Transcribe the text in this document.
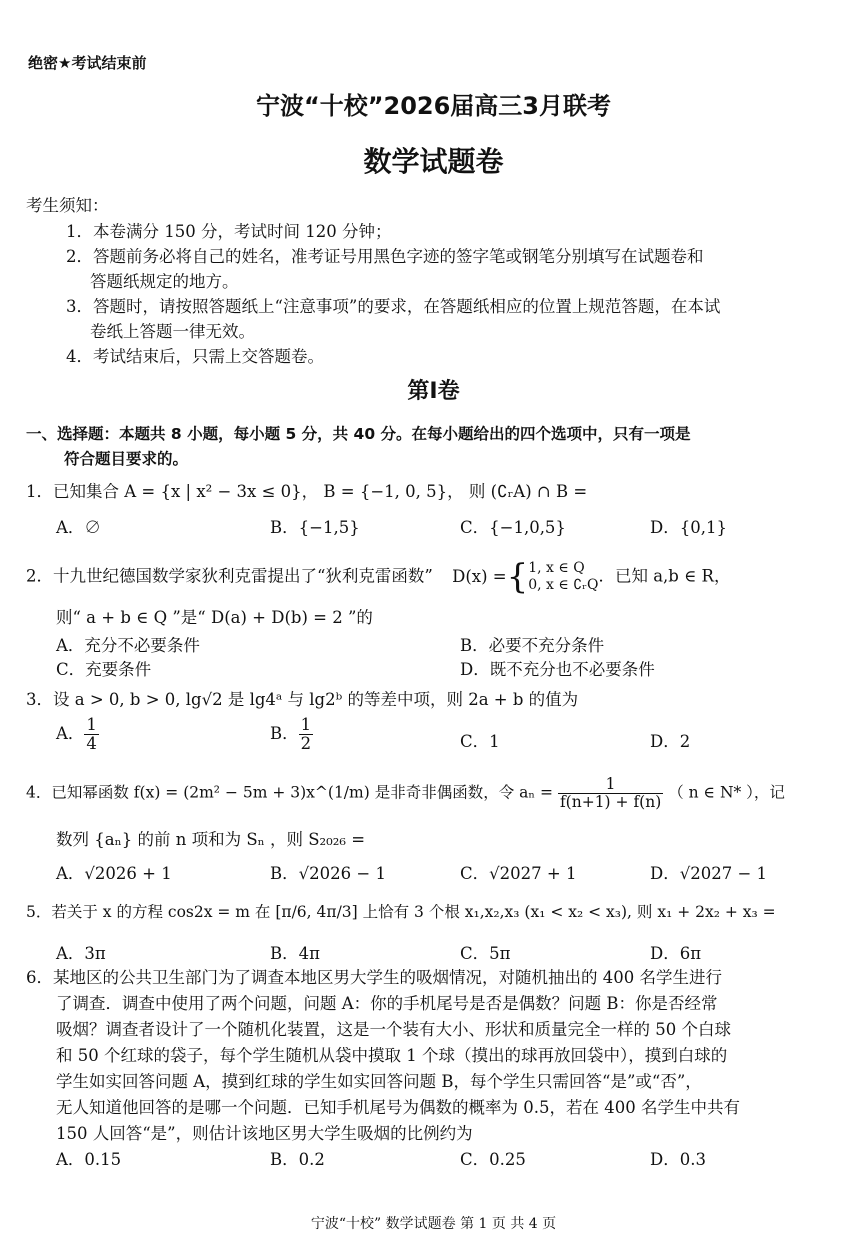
绝密★考试结束前
宁波“十校”2026届高三3月联考
数学试题卷
考生须知：
1．本卷满分 150 分，考试时间 120 分钟；
2．答题前务必将自己的姓名，准考证号用黑色字迹的签字笔或钢笔分别填写在试题卷和
答题纸规定的地方。
3．答题时，请按照答题纸上“注意事项”的要求，在答题纸相应的位置上规范答题，在本试
卷纸上答题一律无效。
4．考试结束后，只需上交答题卷。
第Ⅰ卷
一、选择题：本题共 8 小题，每小题 5 分，共 40 分。在每小题给出的四个选项中，只有一项是
符合题目要求的。
1．已知集合 A = {x | x² − 3x ≤ 0}， B = {−1, 0, 5}， 则 (∁ᵣA) ∩ B =
A．∅	B．{−1,5}	C．{−1,0,5}	D．{0,1}
2．十九世纪德国数学家狄利克雷提出了“狄利克雷函数” D(x) ={ 1, x ∈ Q
0, x ∈ ∁ᵣQ ．已知 a,b ∈ R，
则“ a + b ∈ Q ”是“ D(a) + D(b) = 2 ”的
A．充分不必要条件	B．必要不充分条件
C．充要条件	D．既不充分也不必要条件
3．设 a > 0, b > 0, lg√2 是 lg4ᵃ 与 lg2ᵇ 的等差中项，则 2a + b 的值为
A． $\frac{1}{4}$	B． $\frac{1}{2}$	C．1	D．2
4．已知幂函数 f(x) = (2m² − 5m + 3)x^(1/m) 是非奇非偶函数，令 $a_n = \frac{1}{f(n+1) + f(n)}$ （ n ∈ N* ），记
数列 {aₙ} 的前 n 项和为 Sₙ ，则 S₂₀₂₆ =
A．√2026 + 1	B．√2026 − 1	C．√2027 + 1	D．√2027 − 1
5．若关于 x 的方程 cos2x = m 在 [π/6, 4π/3] 上恰有 3 个根 x₁,x₂,x₃ (x₁ < x₂ < x₃), 则 x₁ + 2x₂ + x₃ =
A．3π	B．4π	C．5π	D．6π
6．某地区的公共卫生部门为了调查本地区男大学生的吸烟情况，对随机抽出的 400 名学生进行
了调查．调查中使用了两个问题，问题 A：你的手机尾号是否是偶数？问题 B：你是否经常
吸烟？调查者设计了一个随机化装置，这是一个装有大小、形状和质量完全一样的 50 个白球
和 50 个红球的袋子，每个学生随机从袋中摸取 1 个球（摸出的球再放回袋中），摸到白球的
学生如实回答问题 A，摸到红球的学生如实回答问题 B，每个学生只需回答“是”或“否”，
无人知道他回答的是哪一个问题．已知手机尾号为偶数的概率为 0.5，若在 400 名学生中共有
150 人回答“是”，则估计该地区男大学生吸烟的比例约为
A．0.15	B．0.2	C．0.25	D．0.3
宁波“十校” 数学试题卷 第 1 页 共 4 页
